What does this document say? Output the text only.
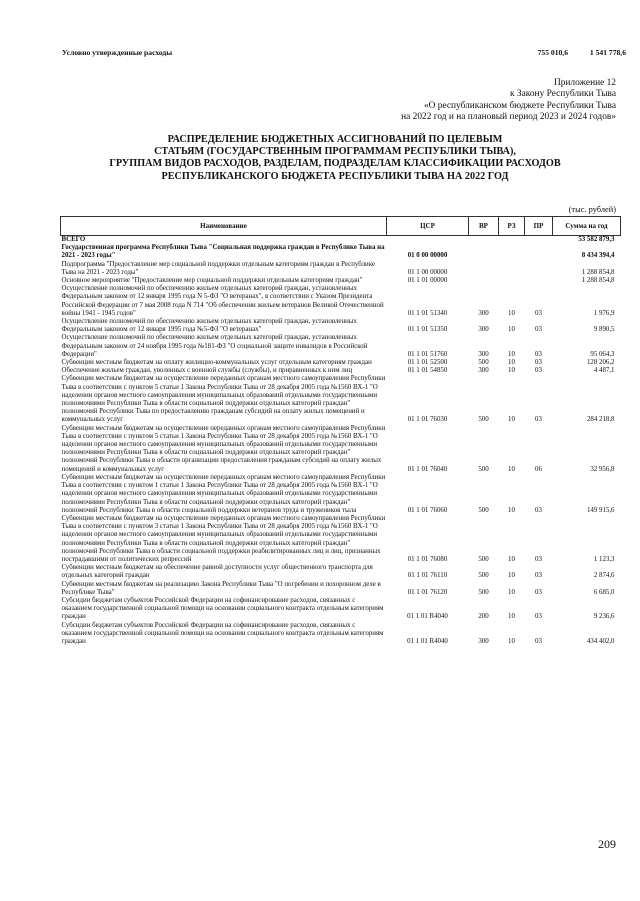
Условно утвержденные расходы	755 010,6	1 541 778,6
Приложение 12
к Закону Республики Тыва
«О республиканском бюджете Республики Тыва
на 2022 год и на плановый период 2023 и 2024 годов»
РАСПРЕДЕЛЕНИЕ БЮДЖЕТНЫХ АССИГНОВАНИЙ ПО ЦЕЛЕВЫМ
СТАТЬЯМ (ГОСУДАРСТВЕННЫМ ПРОГРАММАМ РЕСПУБЛИКИ ТЫВА),
ГРУППАМ ВИДОВ РАСХОДОВ, РАЗДЕЛАМ, ПОДРАЗДЕЛАМ КЛАССИФИКАЦИИ РАСХОДОВ
РЕСПУБЛИКАНСКОГО БЮДЖЕТА РЕСПУБЛИКИ ТЫВА НА 2022 ГОД
(тыс. рублей)
Наименование	ЦСР	ВР	РЗ	ПР	Сумма на год
ВСЕГО					53 582 879,3
Государственная программа Республики Тыва "Социальная поддержка граждан в Республике Тыва на 2021 - 2023 годы"	01 0 00 00000				8 434 394,4
Подпрограмма "Предоставление мер социальной поддержки отдельным категориям граждан в Республике Тыва на 2021 - 2023 годы"	01 1 00 00000				1 288 854,8
Основное мероприятие "Предоставление мер социальной поддержки отдельным категориям граждан"	01 1 01 00000				1 288 854,8
Осуществление полномочий по обеспечению жильем отдельных категорий граждан, установленных Федеральным законом от 12 января 1995 года N 5-ФЗ "О ветеранах", в соответствии с Указом Президента Российской Федерации от 7 мая 2008 года N 714 "Об обеспечении жильем ветеранов Великой Отечественной войны 1941 - 1945 годов"	01 1 01 51340	300	10	03	1 976,9
Осуществление полномочий по обеспечению жильем отдельных категорий граждан, установленных Федеральным законом от 12 января 1995 года №5-ФЗ "О ветеранах"	01 1 01 51350	300	10	03	9 890,5
Осуществление полномочий по обеспечению жильем отдельных категорий граждан, установленных Федеральным законом от 24 ноября 1995 года №181-ФЗ "О социальной защите инвалидов в Российской Федерации"	01 1 01 51760	300	10	03	95 064,3
Субвенции местным бюджетам на оплату жилищно-коммунальных услуг отдельным категориям граждан	01 1 01 52500	500	10	03	128 206,2
Обеспечение жильем граждан, уволенных с военной службы (службы), и приравненных к ним лиц	01 1 01 54850	300	10	03	4 487,1
Субвенции местным бюджетам на осуществление переданных органам местного самоуправления Республики Тыва в соответствии с пунктом 5 статьи 1 Закона Республики Тыва от 28 декабря 2005 года №1560 ВХ-1 "О наделении органов местного самоуправления муниципальных образований отдельными государственными полномочиями Республики Тыва в области социальной поддержки отдельных категорий граждан" полномочий Республики Тыва по предоставлению гражданам субсидий на оплату жилых помещений и коммунальных услуг	01 1 01 76030	500	10	03	284 218,8
Субвенции местным бюджетам на осуществление переданных органам местного самоуправления Республики Тыва в соответствии с пунктом 5 статьи 1 Закона Республики Тыва от 28 декабря 2005 года №1560 ВХ-1 "О наделении органов местного самоуправления муниципальных образований отдельными государственными полномочиями Республики Тыва в области социальной поддержки отдельных категорий граждан" полномочий Республики Тыва в области организации предоставления гражданам субсидий на оплату жилых помещений и коммунальных услуг	01 1 01 76040	500	10	06	32 956,8
Субвенции местным бюджетам на осуществление переданных органам местного самоуправления Республики Тыва в соответствии с пунктом 1 статьи 1 Закона Республики Тыва от 28 декабря 2005 года №1560 ВХ-1 "О наделении органов местного самоуправления муниципальных образований отдельными государственными полномочиями Республики Тыва в области социальной поддержки отдельных категорий граждан" полномочий Республики Тыва в области социальной поддержки ветеранов труда и тружеников тыла	01 1 01 76060	500	10	03	149 915,6
Субвенции местным бюджетам на осуществление переданных органам местного самоуправления Республики Тыва в соответствии с пунктом 3 статьи 1 Закона Республики Тыва от 28 декабря 2005 года №1560 ВХ-1 "О наделении органов местного самоуправления муниципальных образований отдельными государственными полномочиями Республики Тыва в области социальной поддержки отдельных категорий граждан" полномочий Республики Тыва в области социальной поддержки реабилитированных лиц и лиц, признанных пострадавшими от политических репрессий	01 1 01 76080	500	10	03	1 123,3
Субвенции местным бюджетам на обеспечение равной доступности услуг общественного транспорта для отдельных категорий граждан	01 1 01 76110	500	10	03	2 874,6
Субвенции местным бюджетам на реализацию Закона Республики Тыва "О погребении и похоронном деле в Республике Тыва"	01 1 01 76120	500	10	03	6 685,0
Субсидии бюджетам субъектов Российской Федерации на софинансирование расходов, связанных с оказанием государственной социальной помощи на основании социального контракта отдельным категориям граждан	01 1 01 R4040	200	10	03	9 236,6
Субсидии бюджетам субъектов Российской Федерации на софинансирование расходов, связанных с оказанием государственной социальной помощи на основании социального контракта отдельным категориям граждан	01 1 01 R4040	300	10	03	434 402,0
209
